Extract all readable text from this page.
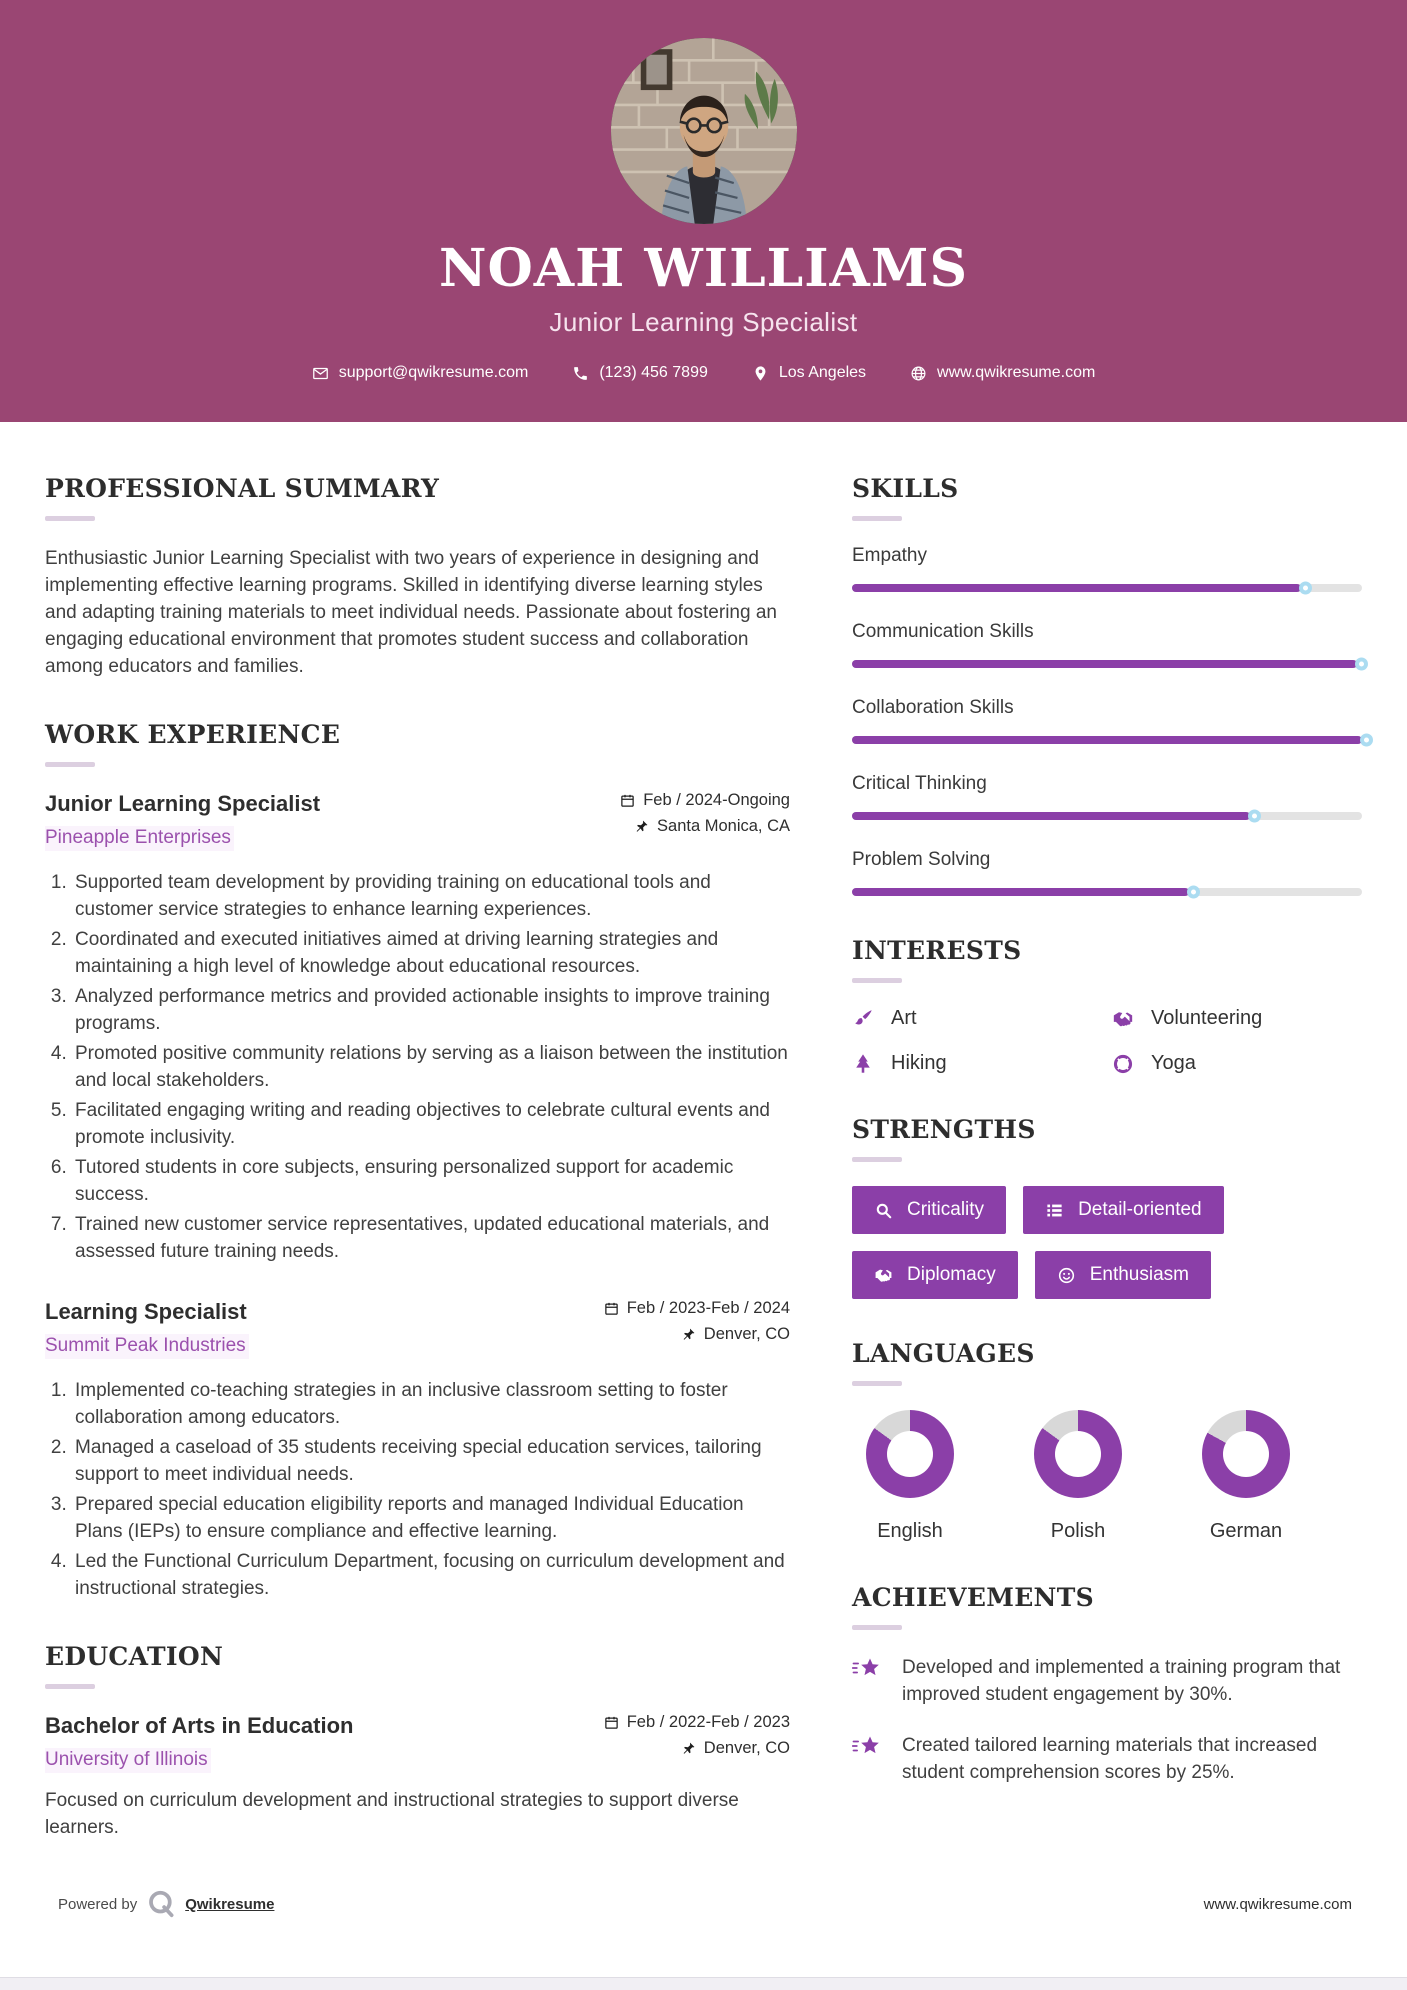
NOAH WILLIAMS
Junior Learning Specialist
support@qwikresume.com	(123) 456 7899	Los Angeles	www.qwikresume.com
PROFESSIONAL SUMMARY

Enthusiastic Junior Learning Specialist with two years of experience in designing and implementing effective learning programs. Skilled in identifying diverse learning styles and adapting training materials to meet individual needs. Passionate about fostering an engaging educational environment that promotes student success and collaboration among educators and families.

WORK EXPERIENCE
Junior Learning Specialist
Pineapple Enterprises
Feb / 2024-Ongoing
Santa Monica, CA
1. Supported team development by providing training on educational tools and customer service strategies to enhance learning experiences.
2. Coordinated and executed initiatives aimed at driving learning strategies and maintaining a high level of knowledge about educational resources.
3. Analyzed performance metrics and provided actionable insights to improve training programs.
4. Promoted positive community relations by serving as a liaison between the institution and local stakeholders.
5. Facilitated engaging writing and reading objectives to celebrate cultural events and promote inclusivity.
6. Tutored students in core subjects, ensuring personalized support for academic success.
7. Trained new customer service representatives, updated educational materials, and assessed future training needs.
Learning Specialist
Summit Peak Industries
Feb / 2023-Feb / 2024
Denver, CO
1. Implemented co-teaching strategies in an inclusive classroom setting to foster collaboration among educators.
2. Managed a caseload of 35 students receiving special education services, tailoring support to meet individual needs.
3. Prepared special education eligibility reports and managed Individual Education Plans (IEPs) to ensure compliance and effective learning.
4. Led the Functional Curriculum Department, focusing on curriculum development and instructional strategies.
EDUCATION
Bachelor of Arts in Education
University of Illinois
Feb / 2022-Feb / 2023
Denver, CO

Focused on curriculum development and instructional strategies to support diverse learners.

SKILLS
Empathy
Communication Skills
Collaboration Skills
Critical Thinking
Problem Solving
INTERESTS
Art	Volunteering
Hiking	Yoga
STRENGTHS
Criticality	Detail-oriented
Diplomacy	Enthusiasm
LANGUAGES
English	Polish	German
ACHIEVEMENTS

Developed and implemented a training program that improved student engagement by 30%.

Created tailored learning materials that increased student comprehension scores by 25%.

Powered by	Qwikresume	www.qwikresume.com
